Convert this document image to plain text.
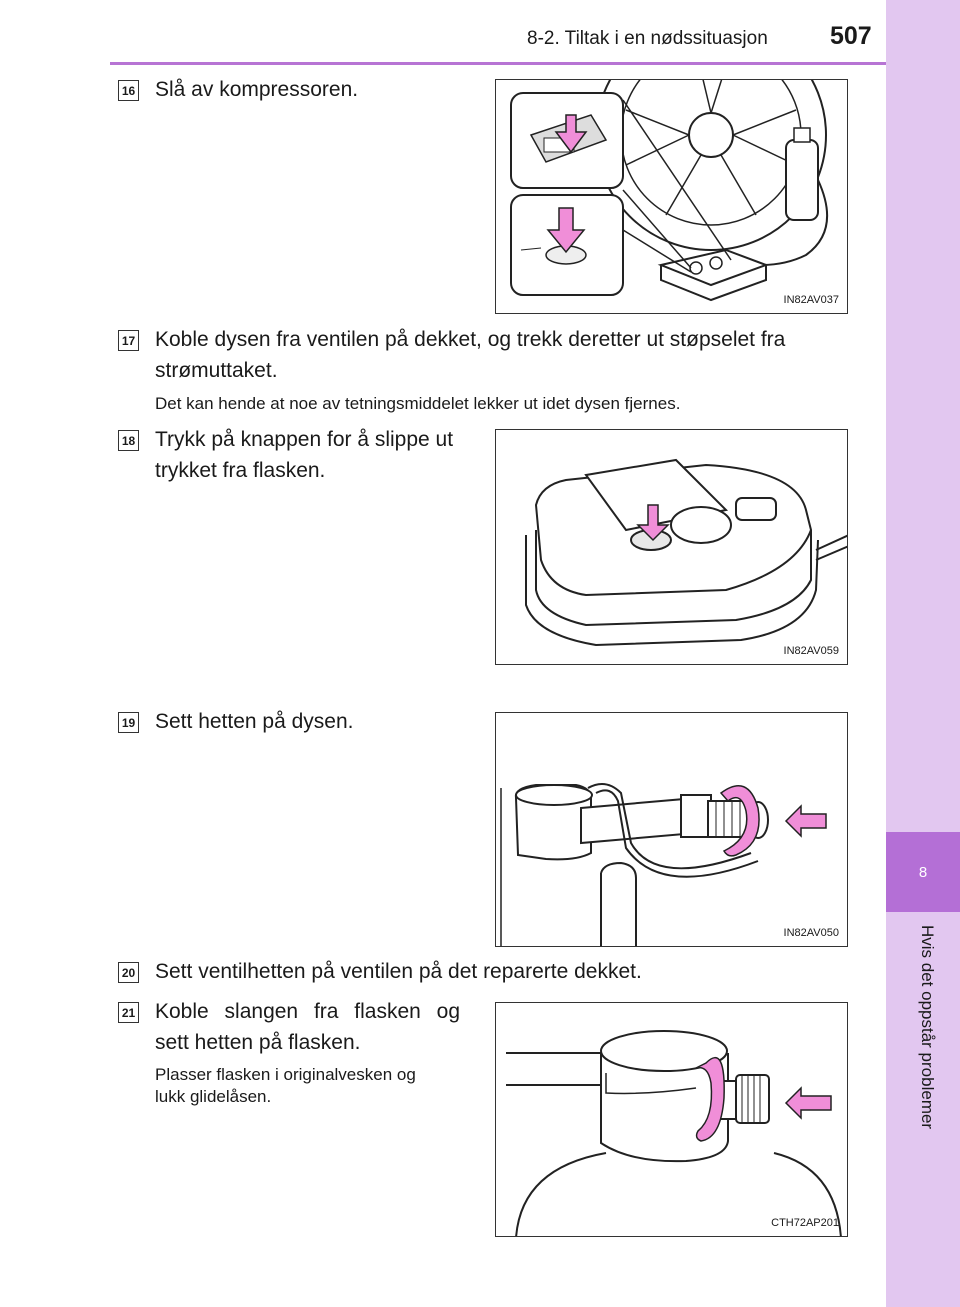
8-2. Tiltak i en nødssituasjon 507
8
Hvis det oppstår problemer
16 Slå av kompressoren.
IN82AV037
17 Koble dysen fra ventilen på dekket, og trekk deretter ut støpselet fra
strømuttaket.
Det kan hende at noe av tetningsmiddelet lekker ut idet dysen fjernes.
18 Trykk på knappen for å slippe ut
trykket fra flasken.
IN82AV059
19 Sett hetten på dysen.
IN82AV050
20 Sett ventilhetten på ventilen på det reparerte dekket.
21 Koble slangen fra flasken og
sett hetten på flasken.
Plasser flasken i originalvesken og
lukk glidelåsen.
CTH72AP201
